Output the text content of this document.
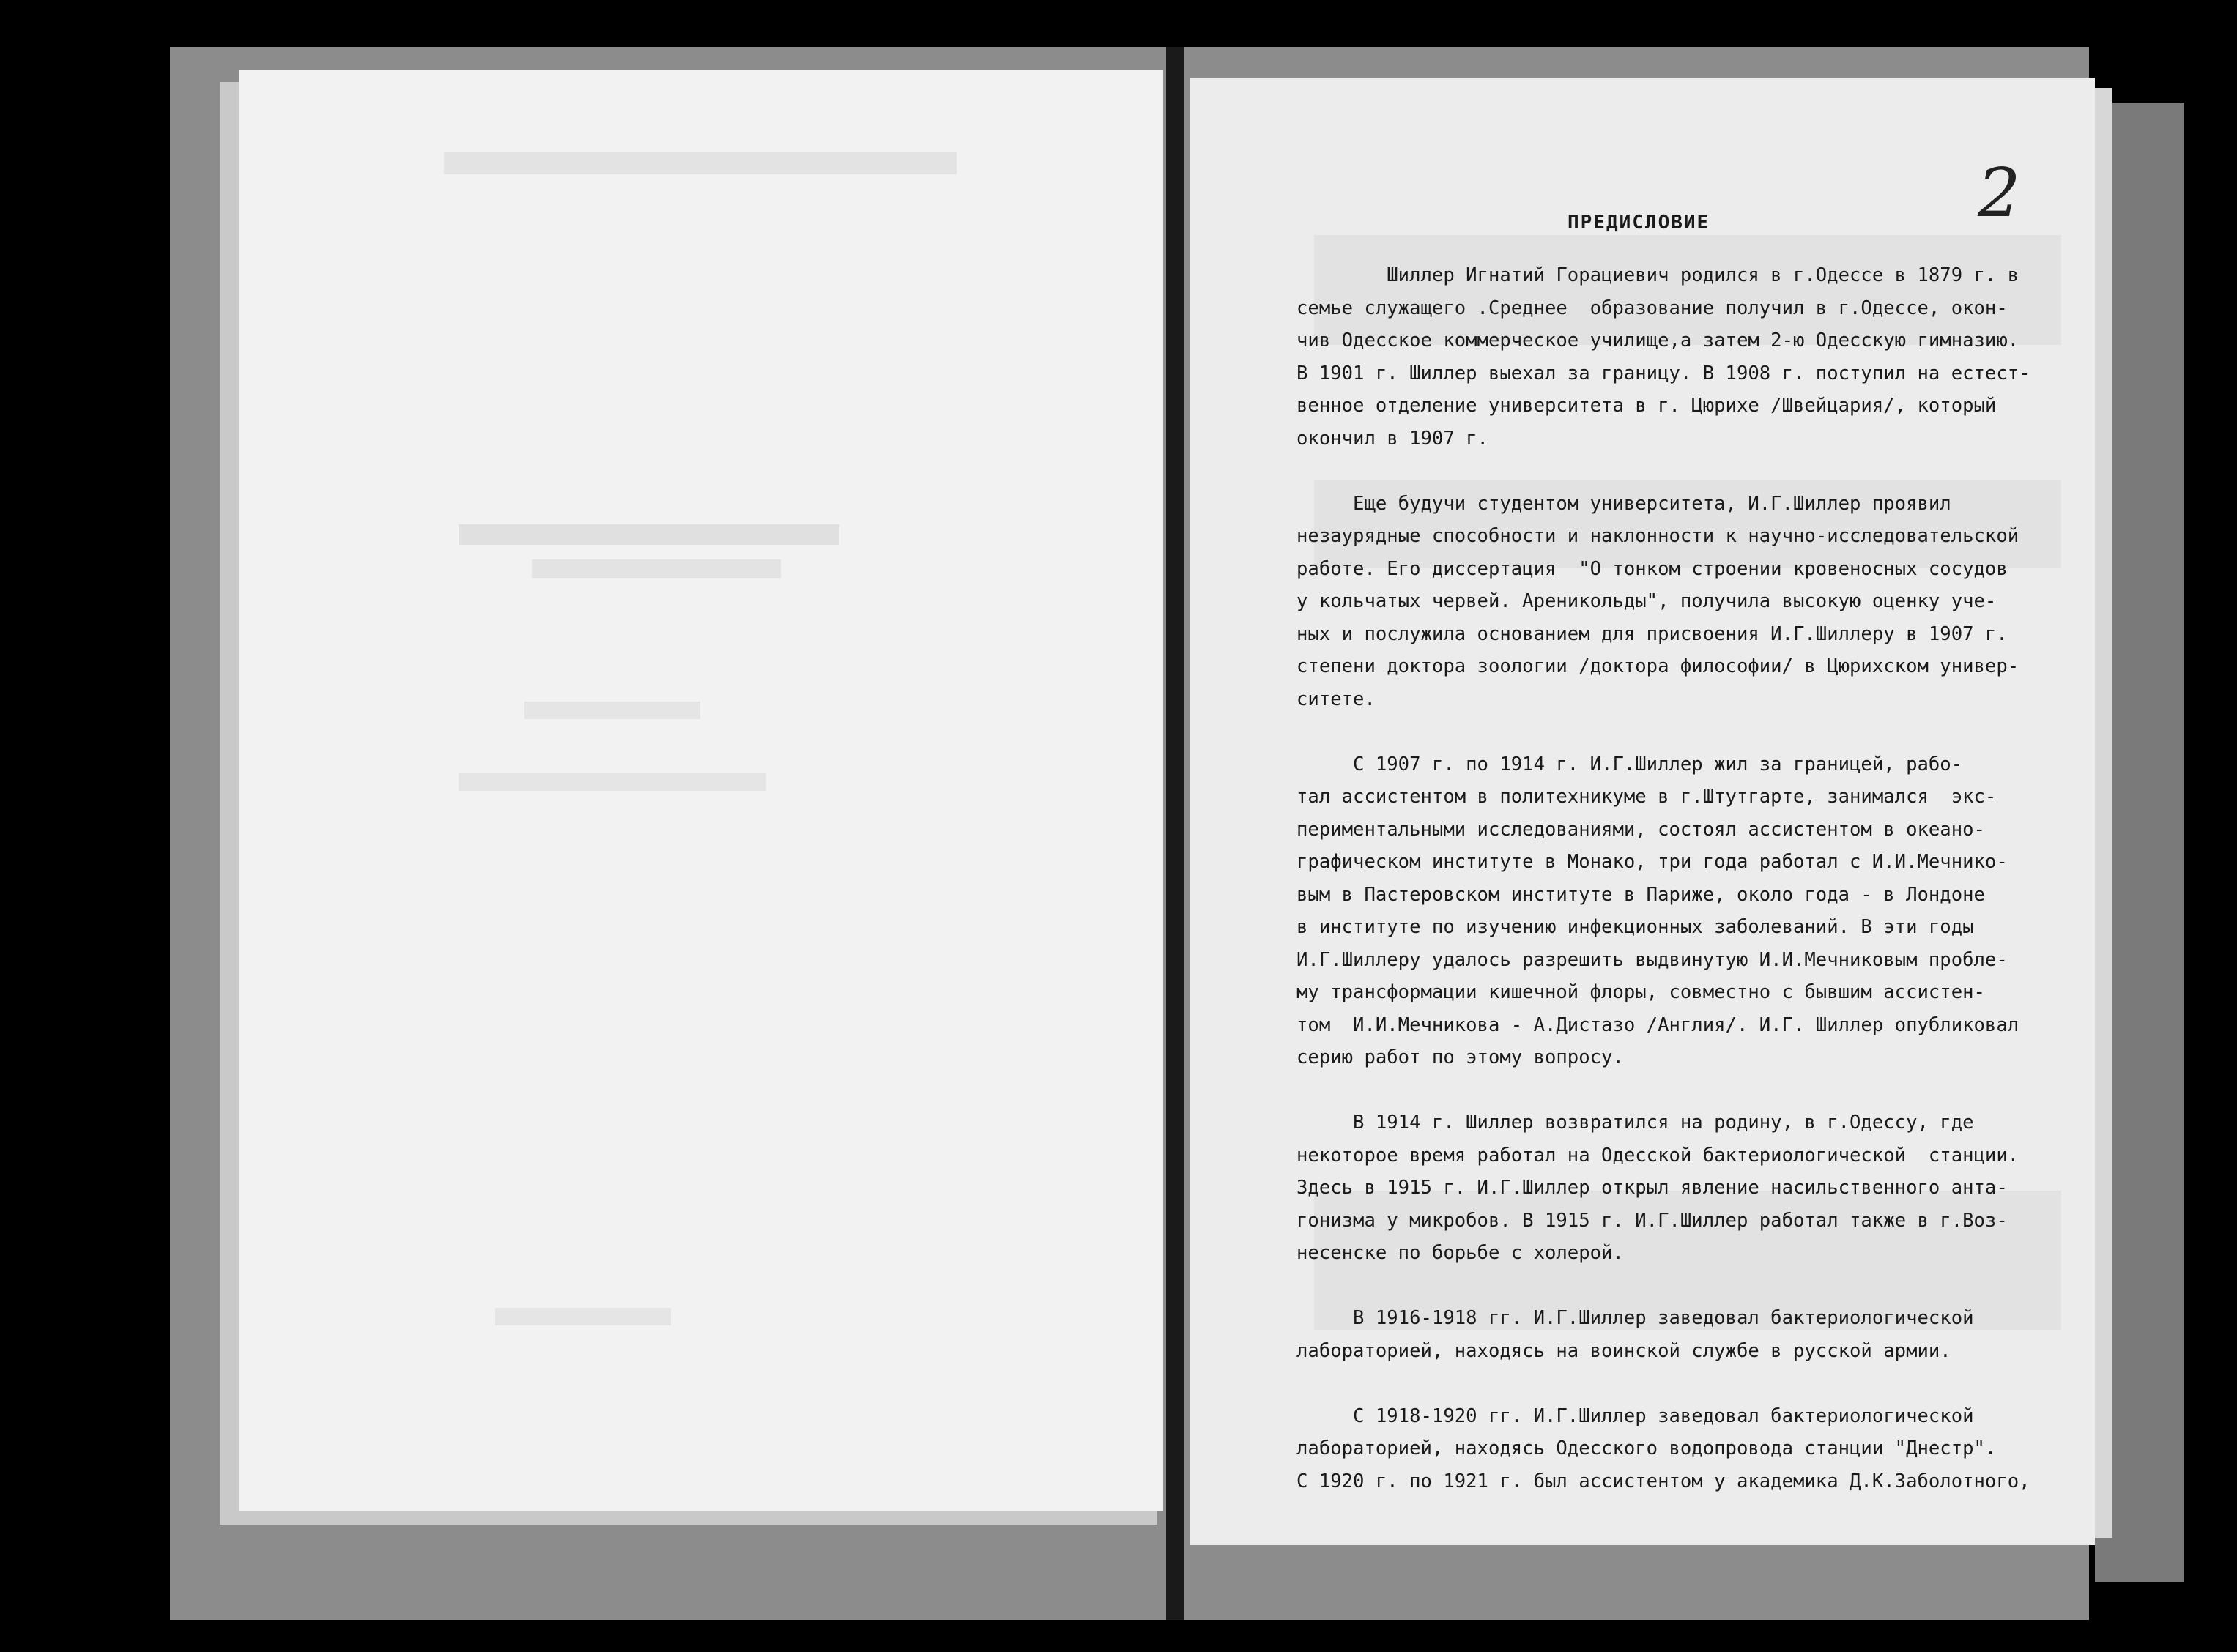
2

ПРЕДИСЛОВИЕ

Шиллер Игнатий Горациевич родился в г.Одессе в 1879 г. в
семье служащего .Среднее  образование получил в г.Одессе, окон-
чив Одесское коммерческое училище,а затем 2-ю Одесскую гимназию.
В 1901 г. Шиллер выехал за границу. В 1908 г. поступил на естест-
венное отделение университета в г. Цюрихе /Швейцария/, который
окончил в 1907 г.
Еще будучи студентом университета, И.Г.Шиллер проявил
незаурядные способности и наклонности к научно-исследовательской
работе. Его диссертация  "О тонком строении кровеносных сосудов
у кольчатых червей. Ареникольды", получила высокую оценку уче-
ных и послужила основанием для присвоения И.Г.Шиллеру в 1907 г.
степени доктора зоологии /доктора философии/ в Цюрихском универ-
ситете.
С 1907 г. по 1914 г. И.Г.Шиллер жил за границей, рабо-
тал ассистентом в политехникуме в г.Штутгарте, занимался  экс-
периментальными исследованиями, состоял ассистентом в океано-
графическом институте в Монако, три года работал с И.И.Мечнико-
вым в Пастеровском институте в Париже, около года - в Лондоне
в институте по изучению инфекционных заболеваний. В эти годы
И.Г.Шиллеру удалось разрешить выдвинутую И.И.Мечниковым пробле-
му трансформации кишечной флоры, совместно с бывшим ассистен-
том  И.И.Мечникова - А.Дистазо /Англия/. И.Г. Шиллер опубликовал
серию работ по этому вопросу.
В 1914 г. Шиллер возвратился на родину, в г.Одессу, где
некоторое время работал на Одесской бактериологической  станции.
Здесь в 1915 г. И.Г.Шиллер открыл явление насильственного анта-
гонизма у микробов. В 1915 г. И.Г.Шиллер работал также в г.Воз-
несенске по борьбе с холерой.
В 1916-1918 гг. И.Г.Шиллер заведовал бактериологической
лабораторией, находясь на воинской службе в русской армии.
С 1918-1920 гг. И.Г.Шиллер заведовал бактериологической
лабораторией, находясь Одесского водопровода станции "Днестр".
С 1920 г. по 1921 г. был ассистентом у академика Д.К.Заболотного,
